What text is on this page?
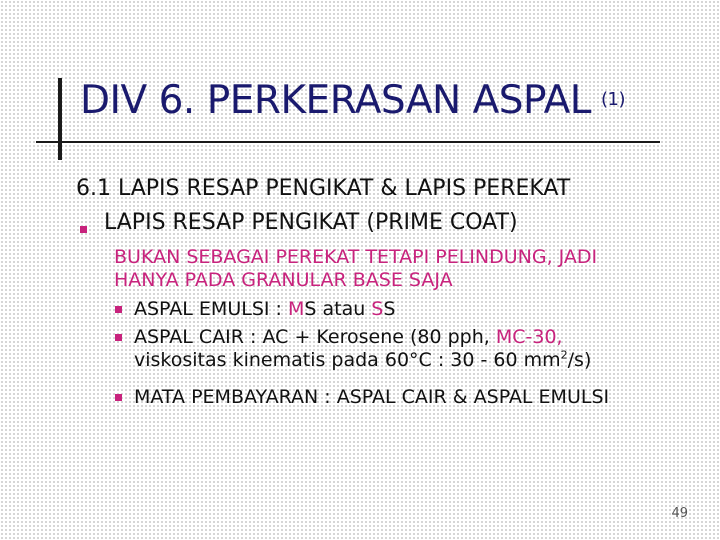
DIV 6. PERKERASAN ASPAL $^{(1)}$
6.1 LAPIS RESAP PENGIKAT & LAPIS PEREKAT
LAPIS RESAP PENGIKAT (PRIME COAT)
BUKAN SEBAGAI PEREKAT TETAPI PELINDUNG, JADI
HANYA PADA GRANULAR BASE SAJA
ASPAL EMULSI : MS atau SS
ASPAL CAIR : AC + Kerosene (80 pph, MC-30,
viskositas kinematis pada 60°C : 30 - 60 $mm^2/s$)
MATA PEMBAYARAN : ASPAL CAIR & ASPAL EMULSI
49
